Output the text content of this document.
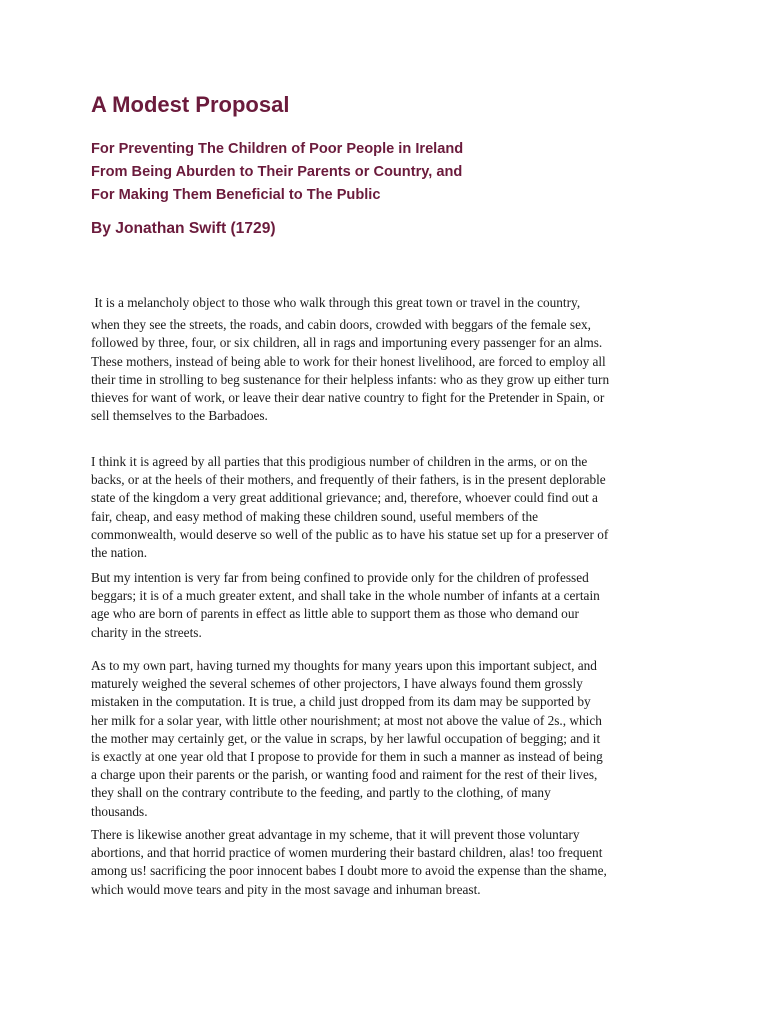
A Modest Proposal
For Preventing The Children of Poor People in Ireland
From Being Aburden to Their Parents or Country, and
For Making Them Beneficial to The Public
By Jonathan Swift (1729)
It is a melancholy object to those who walk through this great town or travel in the country,
when they see the streets, the roads, and cabin doors, crowded with beggars of the female sex,
followed by three, four, or six children, all in rags and importuning every passenger for an alms.
These mothers, instead of being able to work for their honest livelihood, are forced to employ all
their time in strolling to beg sustenance for their helpless infants: who as they grow up either turn
thieves for want of work, or leave their dear native country to fight for the Pretender in Spain, or
sell themselves to the Barbadoes.
I think it is agreed by all parties that this prodigious number of children in the arms, or on the
backs, or at the heels of their mothers, and frequently of their fathers, is in the present deplorable
state of the kingdom a very great additional grievance; and, therefore, whoever could find out a
fair, cheap, and easy method of making these children sound, useful members of the
commonwealth, would deserve so well of the public as to have his statue set up for a preserver of
the nation.
But my intention is very far from being confined to provide only for the children of professed
beggars; it is of a much greater extent, and shall take in the whole number of infants at a certain
age who are born of parents in effect as little able to support them as those who demand our
charity in the streets.
As to my own part, having turned my thoughts for many years upon this important subject, and
maturely weighed the several schemes of other projectors, I have always found them grossly
mistaken in the computation. It is true, a child just dropped from its dam may be supported by
her milk for a solar year, with little other nourishment; at most not above the value of 2s., which
the mother may certainly get, or the value in scraps, by her lawful occupation of begging; and it
is exactly at one year old that I propose to provide for them in such a manner as instead of being
a charge upon their parents or the parish, or wanting food and raiment for the rest of their lives,
they shall on the contrary contribute to the feeding, and partly to the clothing, of many
thousands.
There is likewise another great advantage in my scheme, that it will prevent those voluntary
abortions, and that horrid practice of women murdering their bastard children, alas! too frequent
among us! sacrificing the poor innocent babes I doubt more to avoid the expense than the shame,
which would move tears and pity in the most savage and inhuman breast.
